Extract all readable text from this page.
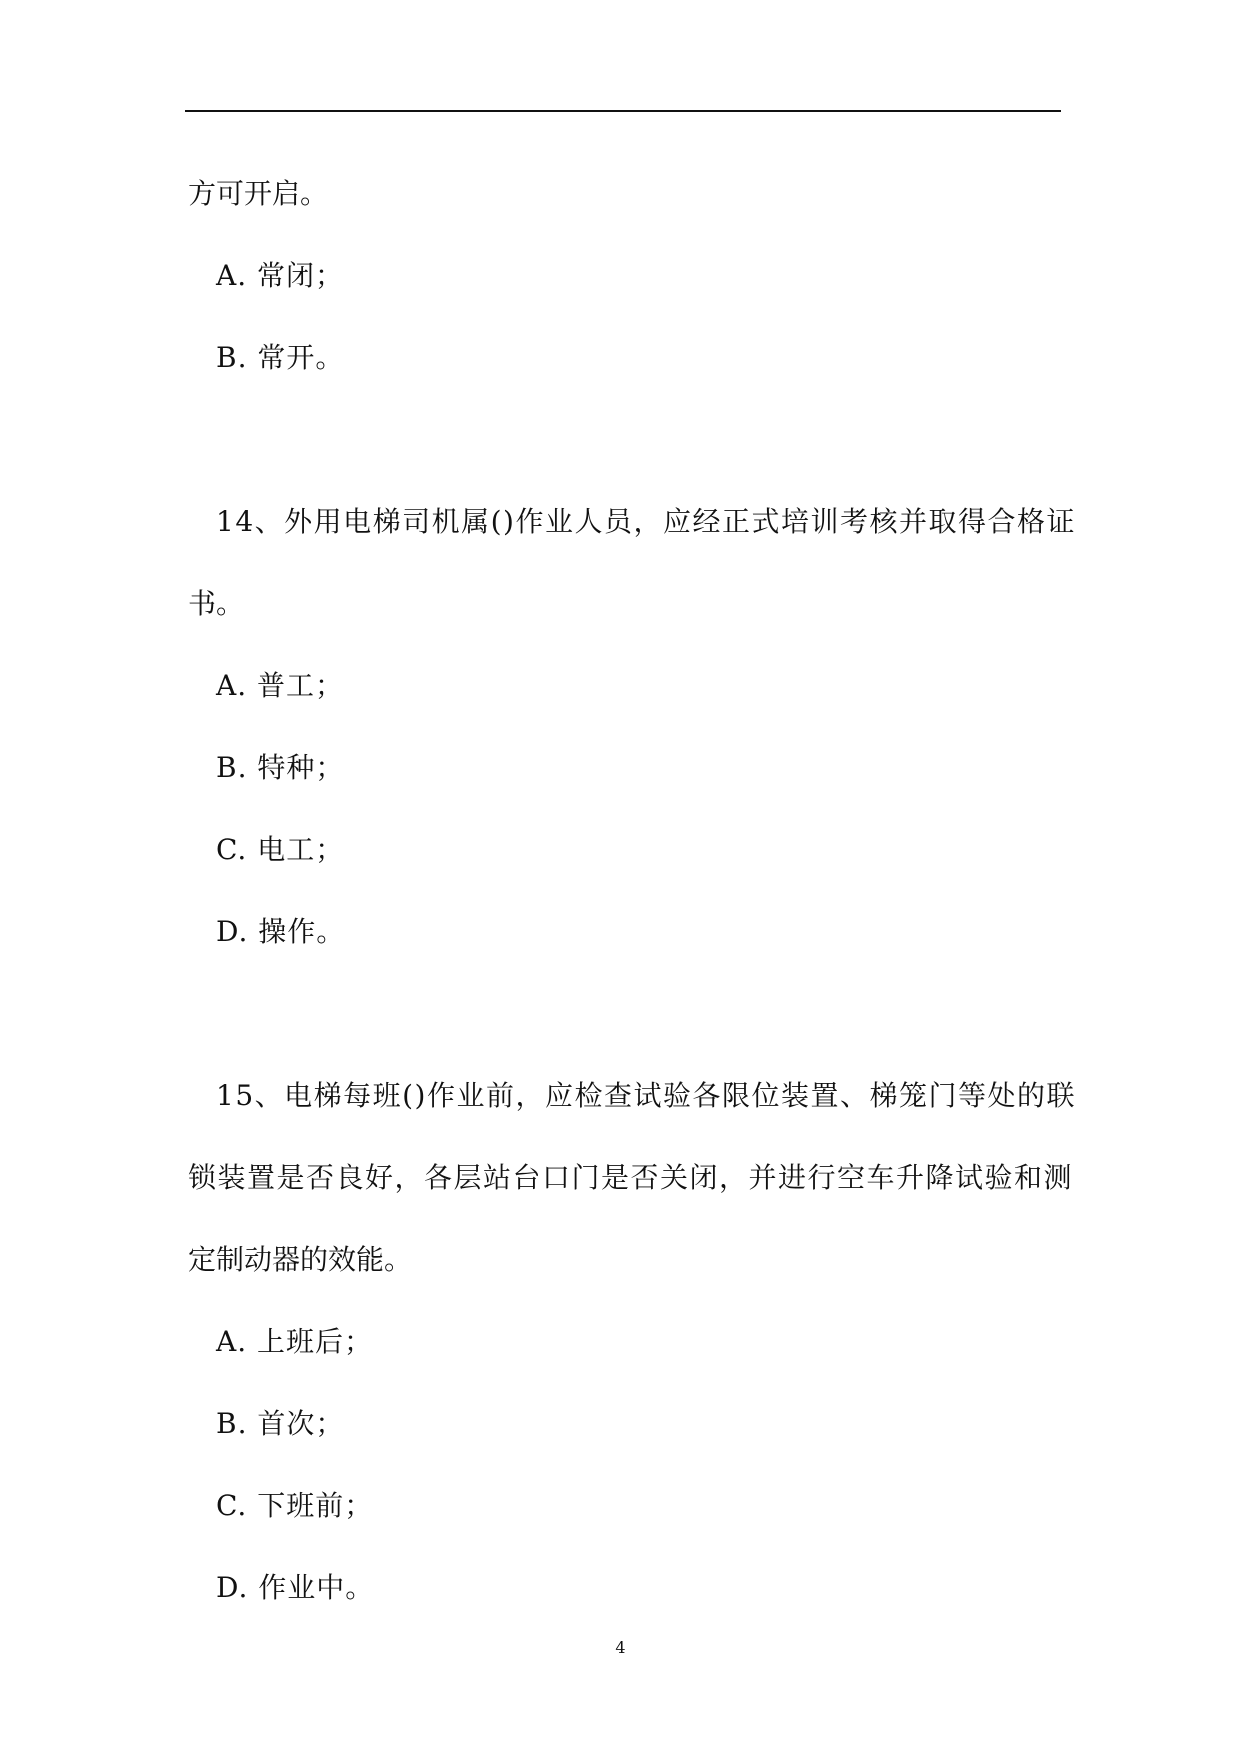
方可开启。
A. 常闭；
B. 常开。
14、外用电梯司机属()作业人员，应经正式培训考核并取得合格证
书。
A. 普工；
B. 特种；
C. 电工；
D. 操作。
15、电梯每班()作业前，应检查试验各限位装置、梯笼门等处的联
锁装置是否良好，各层站台口门是否关闭，并进行空车升降试验和测
定制动器的效能。
A. 上班后；
B. 首次；
C. 下班前；
D. 作业中。
4
